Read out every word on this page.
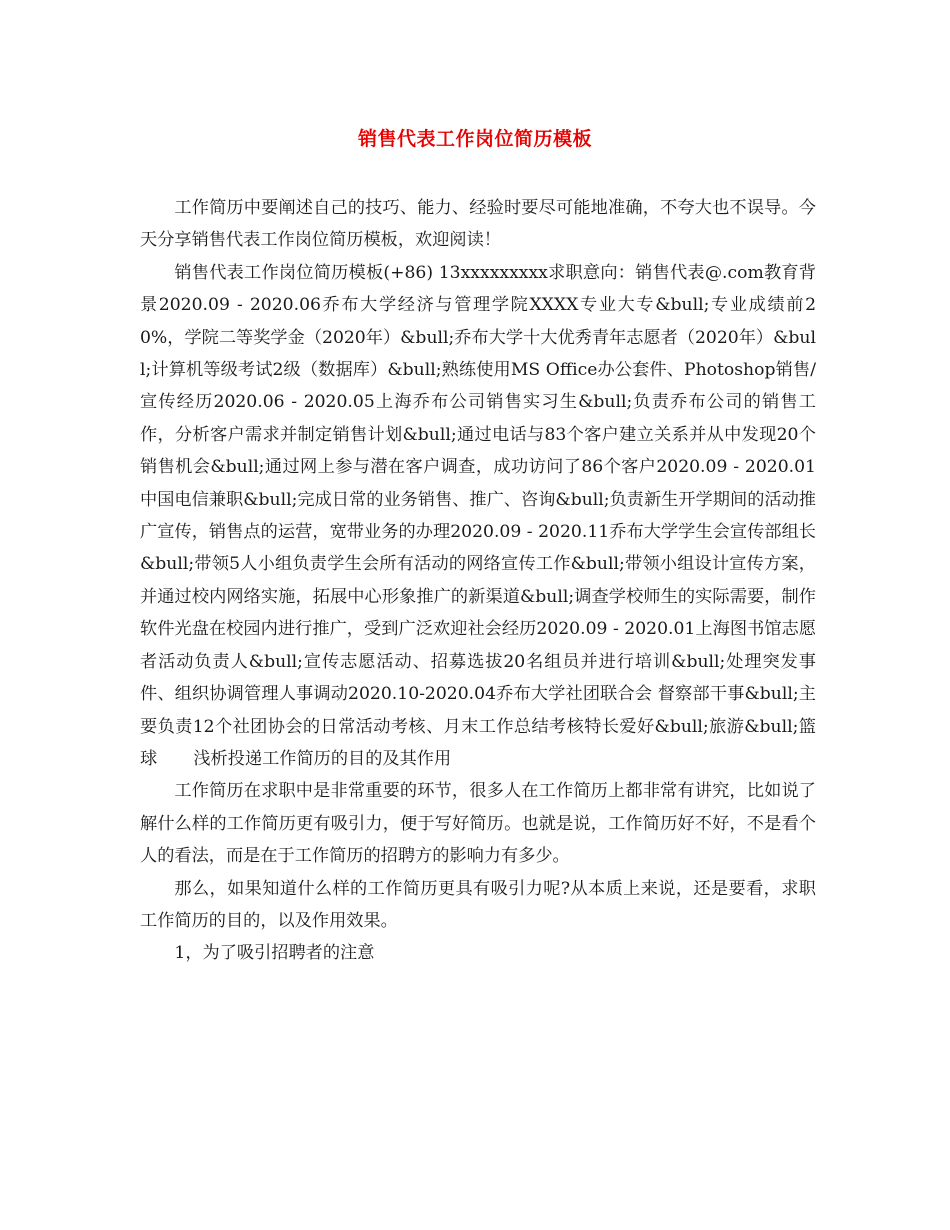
销售代表工作岗位简历模板

工作简历中要阐述自己的技巧、能力、经验时要尽可能地准确，不夸大也不误导。今天分享销售代表工作岗位简历模板，欢迎阅读！

销售代表工作岗位简历模板(+86) 13xxxxxxxxx求职意向：销售代表@.com教育背景2020.09 - 2020.06乔布大学经济与管理学院XXXX专业大专&bull;专业成绩前20%，学院二等奖学金（2020年）&bull;乔布大学十大优秀青年志愿者（2020年）&bull;计算机等级考试2级（数据库）&bull;熟练使用MS Office办公套件、Photoshop销售/宣传经历2020.06 - 2020.05上海乔布公司销售实习生&bull;负责乔布公司的销售工作，分析客户需求并制定销售计划&bull;通过电话与83个客户建立关系并从中发现20个销售机会&bull;通过网上参与潜在客户调查，成功访问了86个客户2020.09 - 2020.01中国电信兼职&bull;完成日常的业务销售、推广、咨询&bull;负责新生开学期间的活动推广宣传，销售点的运营，宽带业务的办理2020.09 - 2020.11乔布大学学生会宣传部组长&bull;带领5人小组负责学生会所有活动的网络宣传工作&bull;带领小组设计宣传方案，并通过校内网络实施，拓展中心形象推广的新渠道&bull;调查学校师生的实际需要，制作软件光盘在校园内进行推广，受到广泛欢迎社会经历2020.09 - 2020.01上海图书馆志愿者活动负责人&bull;宣传志愿活动、招募选拔20名组员并进行培训&bull;处理突发事件、组织协调管理人事调动2020.10-2020.04乔布大学社团联合会 督察部干事&bull;主要负责12个社团协会的日常活动考核、月末工作总结考核特长爱好&bull;旅游&bull;篮球 浅析投递工作简历的目的及其作用

工作简历在求职中是非常重要的环节，很多人在工作简历上都非常有讲究，比如说了解什么样的工作简历更有吸引力，便于写好简历。也就是说，工作简历好不好，不是看个人的看法，而是在于工作简历的招聘方的影响力有多少。

那么，如果知道什么样的工作简历更具有吸引力呢?从本质上来说，还是要看，求职工作简历的目的，以及作用效果。

1，为了吸引招聘者的注意
